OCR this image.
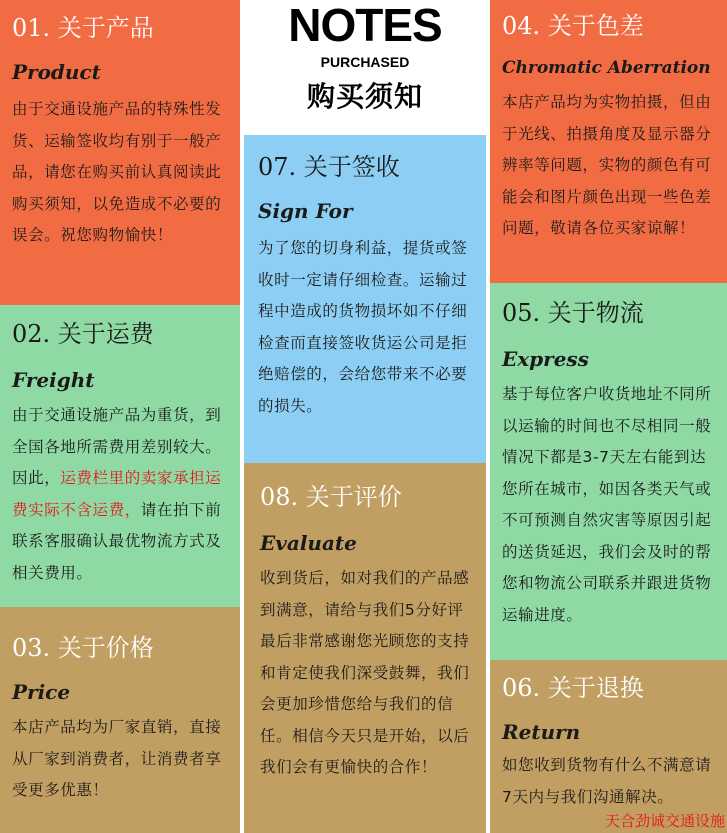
NOTES
PURCHASED
购买须知
01. 关于产品
Product
由于交通设施产品的特殊性发货、运输签收均有别于一般产品，请您在购买前认真阅读此购买须知，以免造成不必要的误会。祝您购物愉快！
02. 关于运费
Freight
由于交通设施产品为重货，到全国各地所需费用差别较大。因此，运费栏里的卖家承担运费实际不含运费，请在拍下前联系客服确认最优物流方式及相关费用。
03. 关于价格
Price
本店产品均为厂家直销，直接从厂家到消费者，让消费者享受更多优惠！
04. 关于色差
Chromatic Aberration
本店产品均为实物拍摄，但由于光线、拍摄角度及显示器分辨率等问题，实物的颜色有可能会和图片颜色出现一些色差问题，敬请各位买家谅解！
05. 关于物流
Express
基于每位客户收货地址不同所以运输的时间也不尽相同一般情况下都是3-7天左右能到达您所在城市，如因各类天气或不可预测自然灾害等原因引起的送货延迟，我们会及时的帮您和物流公司联系并跟进货物运输进度。
06. 关于退换
Return
如您收到货物有什么不满意请7天内与我们沟通解决。
07. 关于签收
Sign For
为了您的切身利益，提货或签收时一定请仔细检查。运输过程中造成的货物损坏如不仔细检查而直接签收货运公司是拒绝赔偿的，会给您带来不必要的损失。
08. 关于评价
Evaluate
收到货后，如对我们的产品感到满意，请给与我们5分好评最后非常感谢您光顾您的支持和肯定使我们深受鼓舞，我们会更加珍惜您给与我们的信任。相信今天只是开始，以后我们会有更愉快的合作！
天合劲诚交通设施
